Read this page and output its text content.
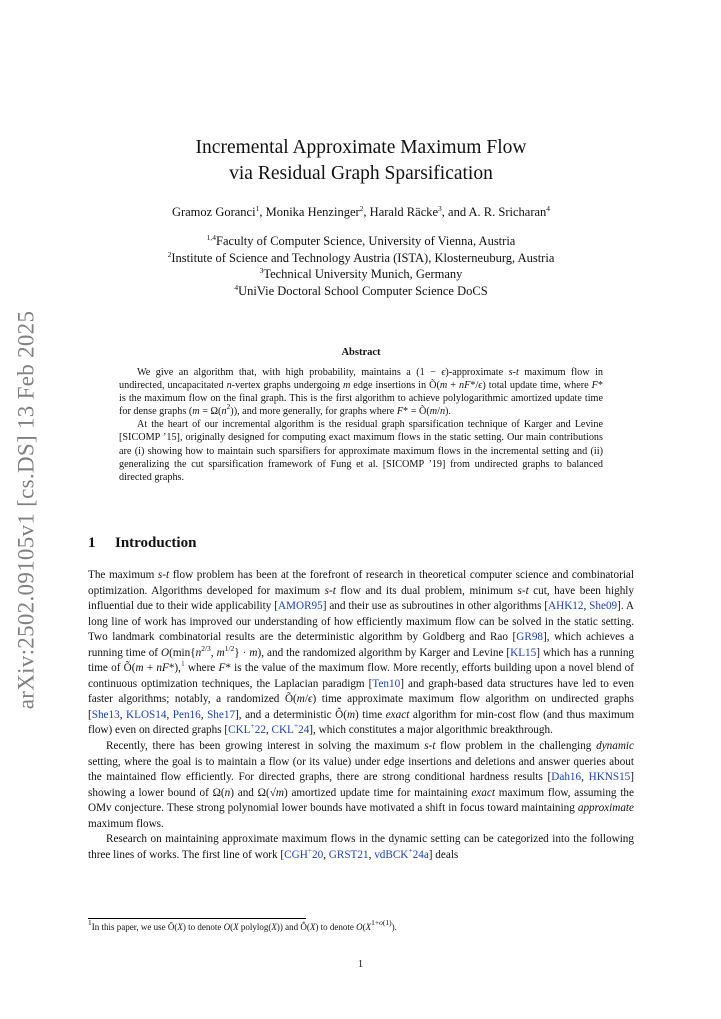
arXiv:2502.09105v1 [cs.DS] 13 Feb 2025
Incremental Approximate Maximum Flow
via Residual Graph Sparsification
Gramoz Goranci$^1$, Monika Henzinger$^2$, Harald Räcke$^3$, and A. R. Sricharan$^4$
$^{1,4}$Faculty of Computer Science, University of Vienna, Austria
$^2$Institute of Science and Technology Austria (ISTA), Klosterneuburg, Austria
$^3$Technical University Munich, Germany
$^4$UniVie Doctoral School Computer Science DoCS
Abstract

We give an algorithm that, with high probability, maintains a (1 − ϵ)-approximate s-t maximum flow in undirected, uncapacitated n-vertex graphs undergoing m edge insertions in Õ(m + nF*/ϵ) total update time, where F* is the maximum flow on the final graph. This is the first algorithm to achieve polylogarithmic amortized update time for dense graphs $(m = \Omega(n^2))$, and more generally, for graphs where F* = Õ(m/n).

At the heart of our incremental algorithm is the residual graph sparsification technique of Karger and Levine [SICOMP ’15], originally designed for computing exact maximum flows in the static setting. Our main contributions are (i) showing how to maintain such sparsifiers for approximate maximum flows in the incremental setting and (ii) generalizing the cut sparsification framework of Fung et al. [SICOMP ’19] from undirected graphs to balanced directed graphs.

1 Introduction

The maximum s-t flow problem has been at the forefront of research in theoretical computer science and combinatorial optimization. Algorithms developed for maximum s-t flow and its dual problem, minimum s-t cut, have been highly influential due to their wide applicability [AMOR95] and their use as subroutines in other algorithms [AHK12, She09]. A long line of work has improved our understanding of how efficiently maximum flow can be solved in the static setting. Two landmark combinatorial results are the deterministic algorithm by Goldberg and Rao [GR98], which achieves a running time of $O(\min\{n^{2/3}$, $m^{1/2}\} \cdot m$), and the randomized algorithm by Karger and Levine [KL15] which has a running time of Õ(m + nF*),$^1$ where F* is the value of the maximum flow. More recently, efforts building upon a novel blend of continuous optimization techniques, the Laplacian paradigm [Ten10] and graph-based data structures have led to even faster algorithms; notably, a randomized Õ(m/ϵ) time approximate maximum flow algorithm on undirected graphs [She13, KLOS14, Pen16, She17], and a deterministic Ô(m) time exact algorithm for min-cost flow (and thus maximum flow) even on directed graphs [CKL+22, CKL+24], which constitutes a major algorithmic breakthrough.

Recently, there has been growing interest in solving the maximum s-t flow problem in the challenging dynamic setting, where the goal is to maintain a flow (or its value) under edge insertions and deletions and answer queries about the maintained flow efficiently. For directed graphs, there are strong conditional hardness results [Dah16, HKNS15] showing a lower bound of Ω(n) and Ω(√m) amortized update time for maintaining exact maximum flow, assuming the OMv conjecture. These strong polynomial lower bounds have motivated a shift in focus toward maintaining approximate maximum flows.

Research on maintaining approximate maximum flows in the dynamic setting can be categorized into the following three lines of works. The first line of work [CGH+20, GRST21, vdBCK+24a] deals

$^1$In this paper, we use Õ(X) to denote O(X polylog(X)) and Ô(X) to denote $O(X^{1+o(1)})$.
1
